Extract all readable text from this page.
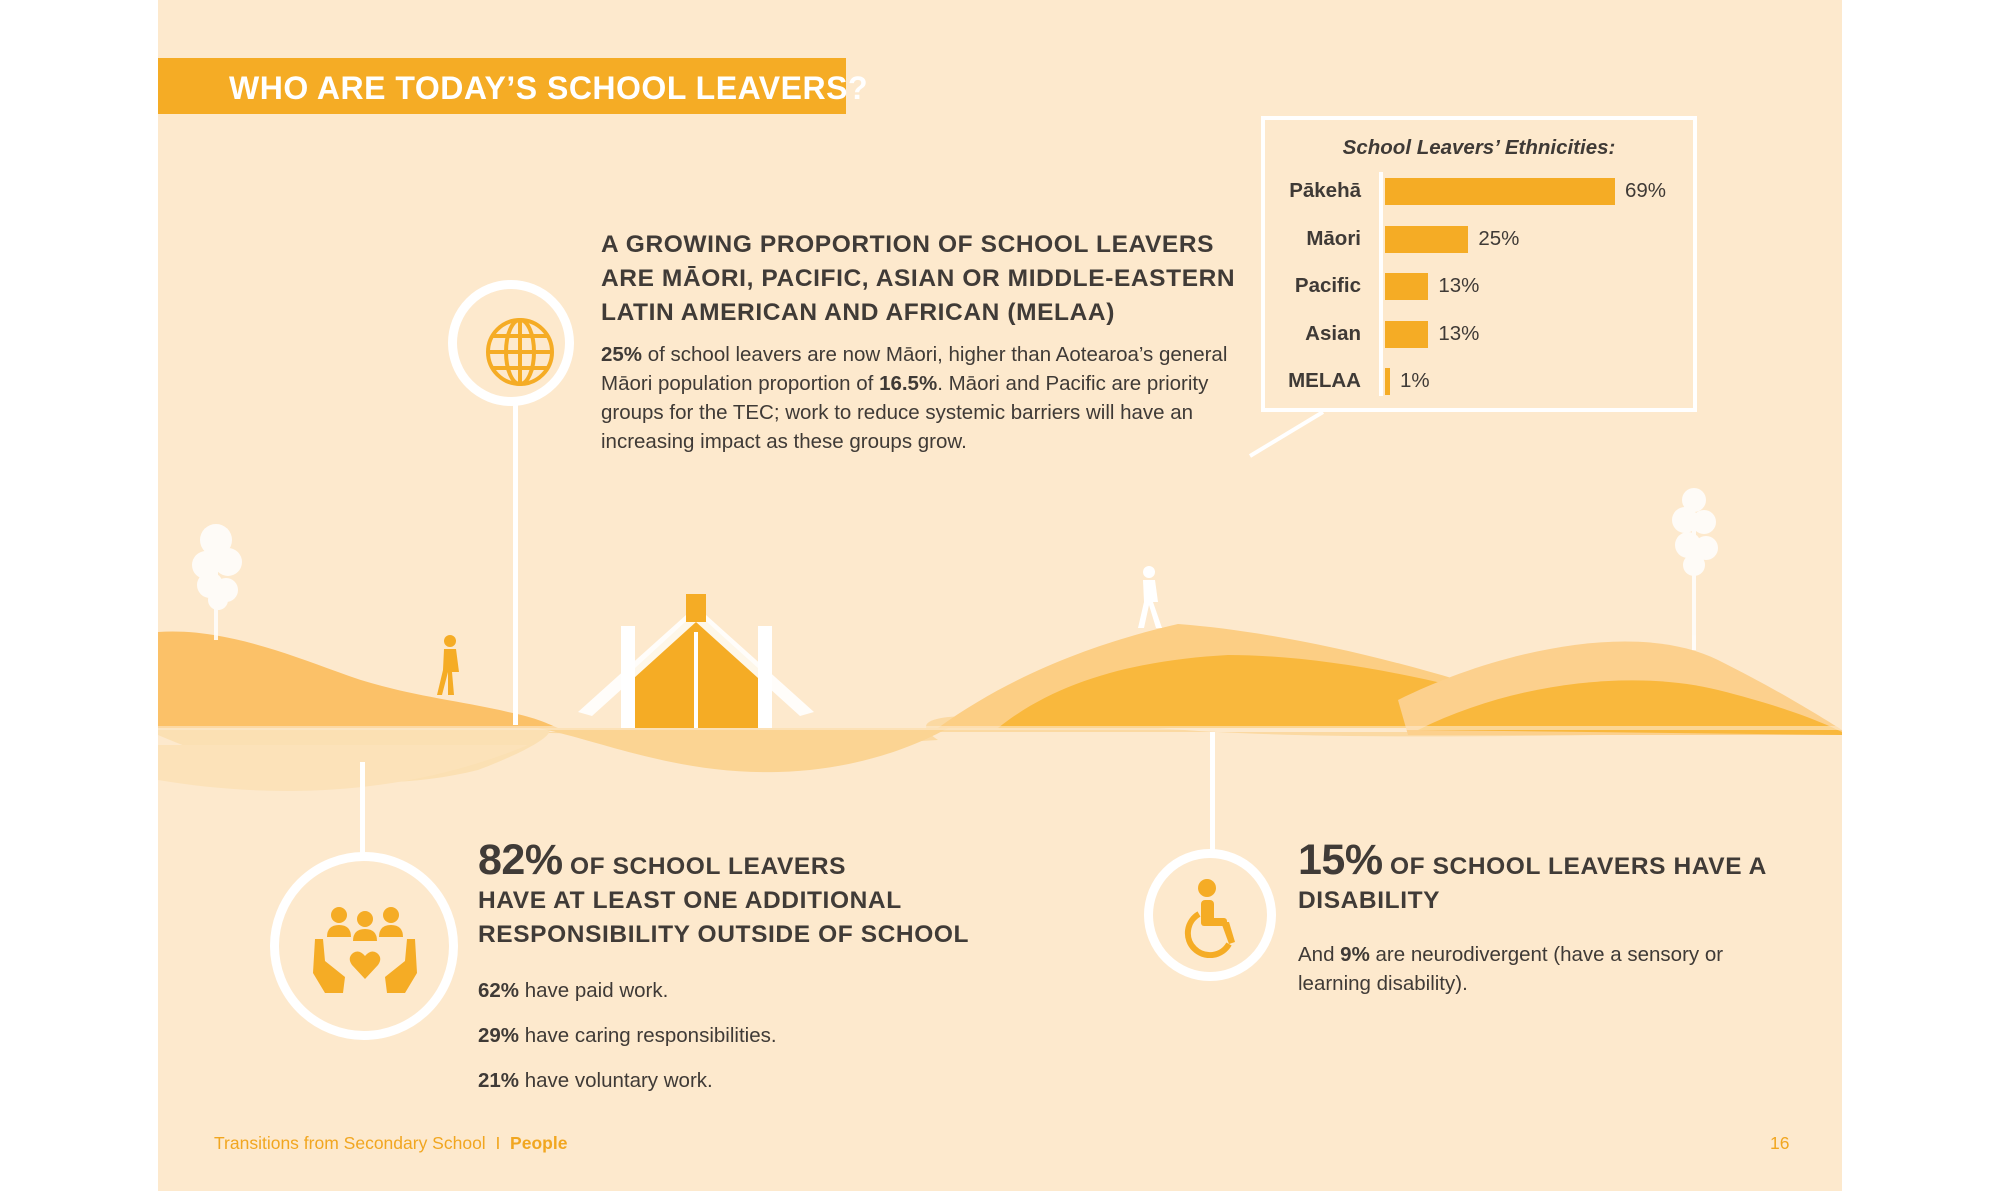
WHO ARE TODAY’S SCHOOL LEAVERS?
A GROWING PROPORTION OF SCHOOL LEAVERS ARE MĀORI, PACIFIC, ASIAN OR MIDDLE-EASTERN LATIN AMERICAN AND AFRICAN (MELAA)
25% of school leavers are now Māori, higher than Aotearoa’s general Māori population proportion of 16.5%. Māori and Pacific are priority groups for the TEC; work to reduce systemic barriers will have an increasing impact as these groups grow.
School Leavers’ Ethnicities:
Pākehā
Māori
Pacific
Asian
MELAA
69%
25%
13%
13%
1%
82% OF SCHOOL LEAVERS
HAVE AT LEAST ONE ADDITIONAL RESPONSIBILITY OUTSIDE OF SCHOOL
62% have paid work.
29% have caring responsibilities.
21% have voluntary work.
15% OF SCHOOL LEAVERS HAVE A DISABILITY
And 9% are neurodivergent (have a sensory or learning disability).
Transitions from Secondary School I People	16
